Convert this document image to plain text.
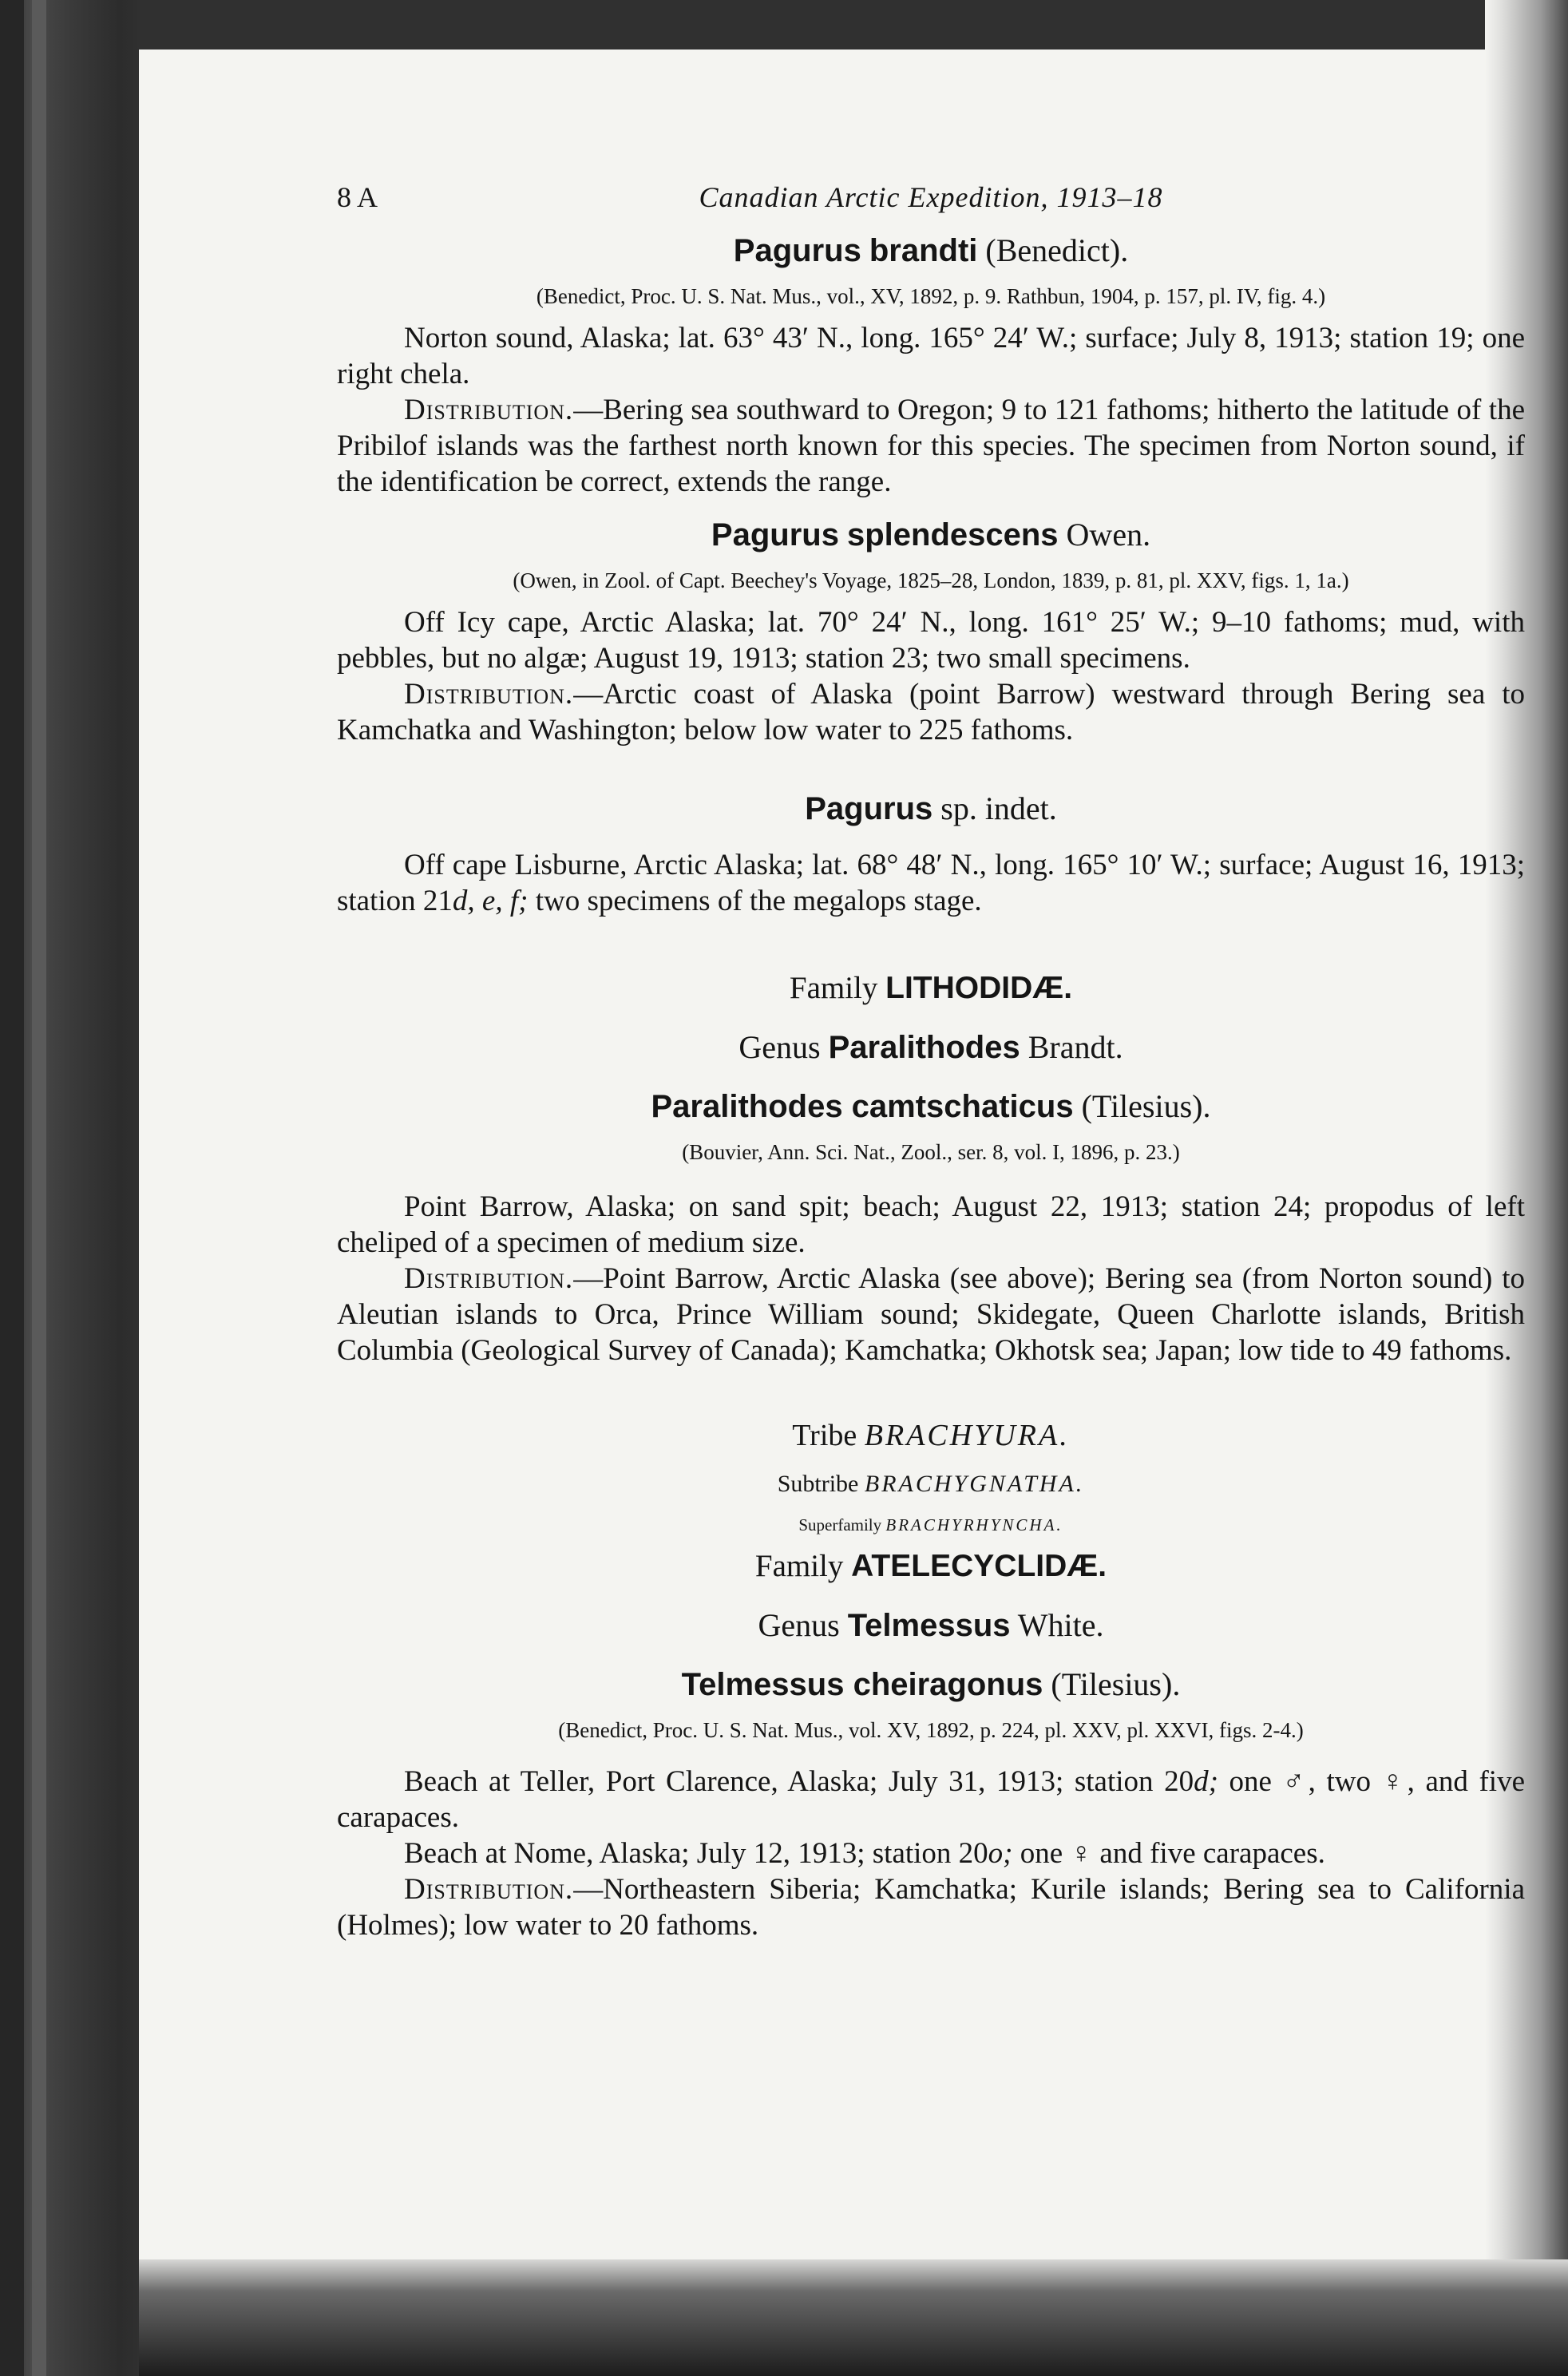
8 A	Canadian Arctic Expedition, 1913–18
Pagurus brandti (Benedict).
(Benedict, Proc. U. S. Nat. Mus., vol., XV, 1892, p. 9. Rathbun, 1904, p. 157, pl. IV, fig. 4.)

Norton sound, Alaska; lat. 63° 43′ N., long. 165° 24′ W.; surface; July 8, 1913; station 19; one right chela.

Distribution.—Bering sea southward to Oregon; 9 to 121 fathoms; hitherto the latitude of the Pribilof islands was the farthest north known for this species. The specimen from Norton sound, if the identification be correct, extends the range.

Pagurus splendescens Owen.
(Owen, in Zool. of Capt. Beechey's Voyage, 1825–28, London, 1839, p. 81, pl. XXV, figs. 1, 1a.)

Off Icy cape, Arctic Alaska; lat. 70° 24′ N., long. 161° 25′ W.; 9–10 fathoms; mud, with pebbles, but no algæ; August 19, 1913; station 23; two small specimens.

Distribution.—Arctic coast of Alaska (point Barrow) westward through Bering sea to Kamchatka and Washington; below low water to 225 fathoms.

Pagurus sp. indet.

Off cape Lisburne, Arctic Alaska; lat. 68° 48′ N., long. 165° 10′ W.; surface; August 16, 1913; station 21d, e, f; two specimens of the megalops stage.

Family LITHODIDÆ.
Genus Paralithodes Brandt.
Paralithodes camtschaticus (Tilesius).
(Bouvier, Ann. Sci. Nat., Zool., ser. 8, vol. I, 1896, p. 23.)

Point Barrow, Alaska; on sand spit; beach; August 22, 1913; station 24; propodus of left cheliped of a specimen of medium size.

Distribution.—Point Barrow, Arctic Alaska (see above); Bering sea (from Norton sound) to Aleutian islands to Orca, Prince William sound; Skidegate, Queen Charlotte islands, British Columbia (Geological Survey of Canada); Kamchatka; Okhotsk sea; Japan; low tide to 49 fathoms.

Tribe BRACHYURA.
Subtribe BRACHYGNATHA.
Superfamily BRACHYRHYNCHA.
Family ATELECYCLIDÆ.
Genus Telmessus White.
Telmessus cheiragonus (Tilesius).
(Benedict, Proc. U. S. Nat. Mus., vol. XV, 1892, p. 224, pl. XXV, pl. XXVI, figs. 2-4.)

Beach at Teller, Port Clarence, Alaska; July 31, 1913; station 20d; one ♂, two ♀, and five carapaces.

Beach at Nome, Alaska; July 12, 1913; station 20o; one ♀ and five carapaces.

Distribution.—Northeastern Siberia; Kamchatka; Kurile islands; Bering sea to California (Holmes); low water to 20 fathoms.
